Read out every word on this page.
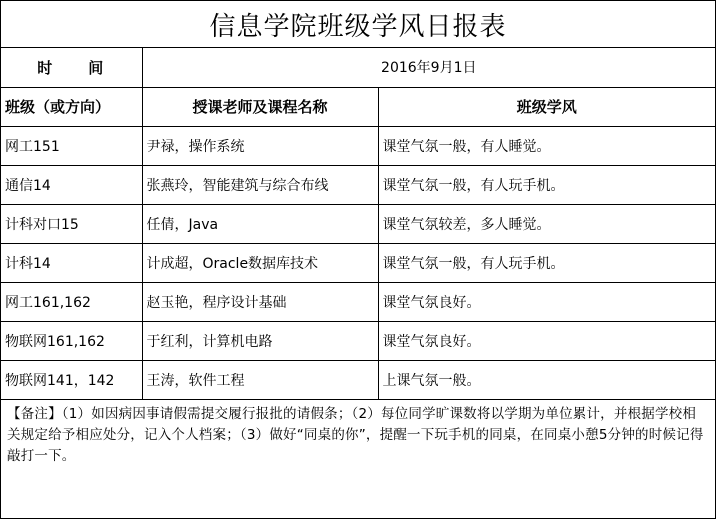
信息学院班级学风日报表
时　　间	2016年9月1日	
班级（或方向）	授课老师及课程名称	班级学风
网工151	尹禄，操作系统	课堂气氛一般，有人睡觉。
通信14	张燕玲，智能建筑与综合布线	课堂气氛一般，有人玩手机。
计科对口15	任倩，Java	课堂气氛较差，多人睡觉。
计科14	计成超，Oracle数据库技术	课堂气氛一般，有人玩手机。
网工161,162	赵玉艳，程序设计基础	课堂气氛良好。
物联网161,162	于红利，计算机电路	课堂气氛良好。
物联网141，142	王涛，软件工程	上课气氛一般。
【备注】（1）如因病因事请假需提交履行报批的请假条；（2）每位同学旷课数将以学期为单位累计，并根据学校相关规定给予相应处分，记入个人档案；（3）做好“同桌的你”，提醒一下玩手机的同桌，在同桌小憩5分钟的时候记得敲打一下。
